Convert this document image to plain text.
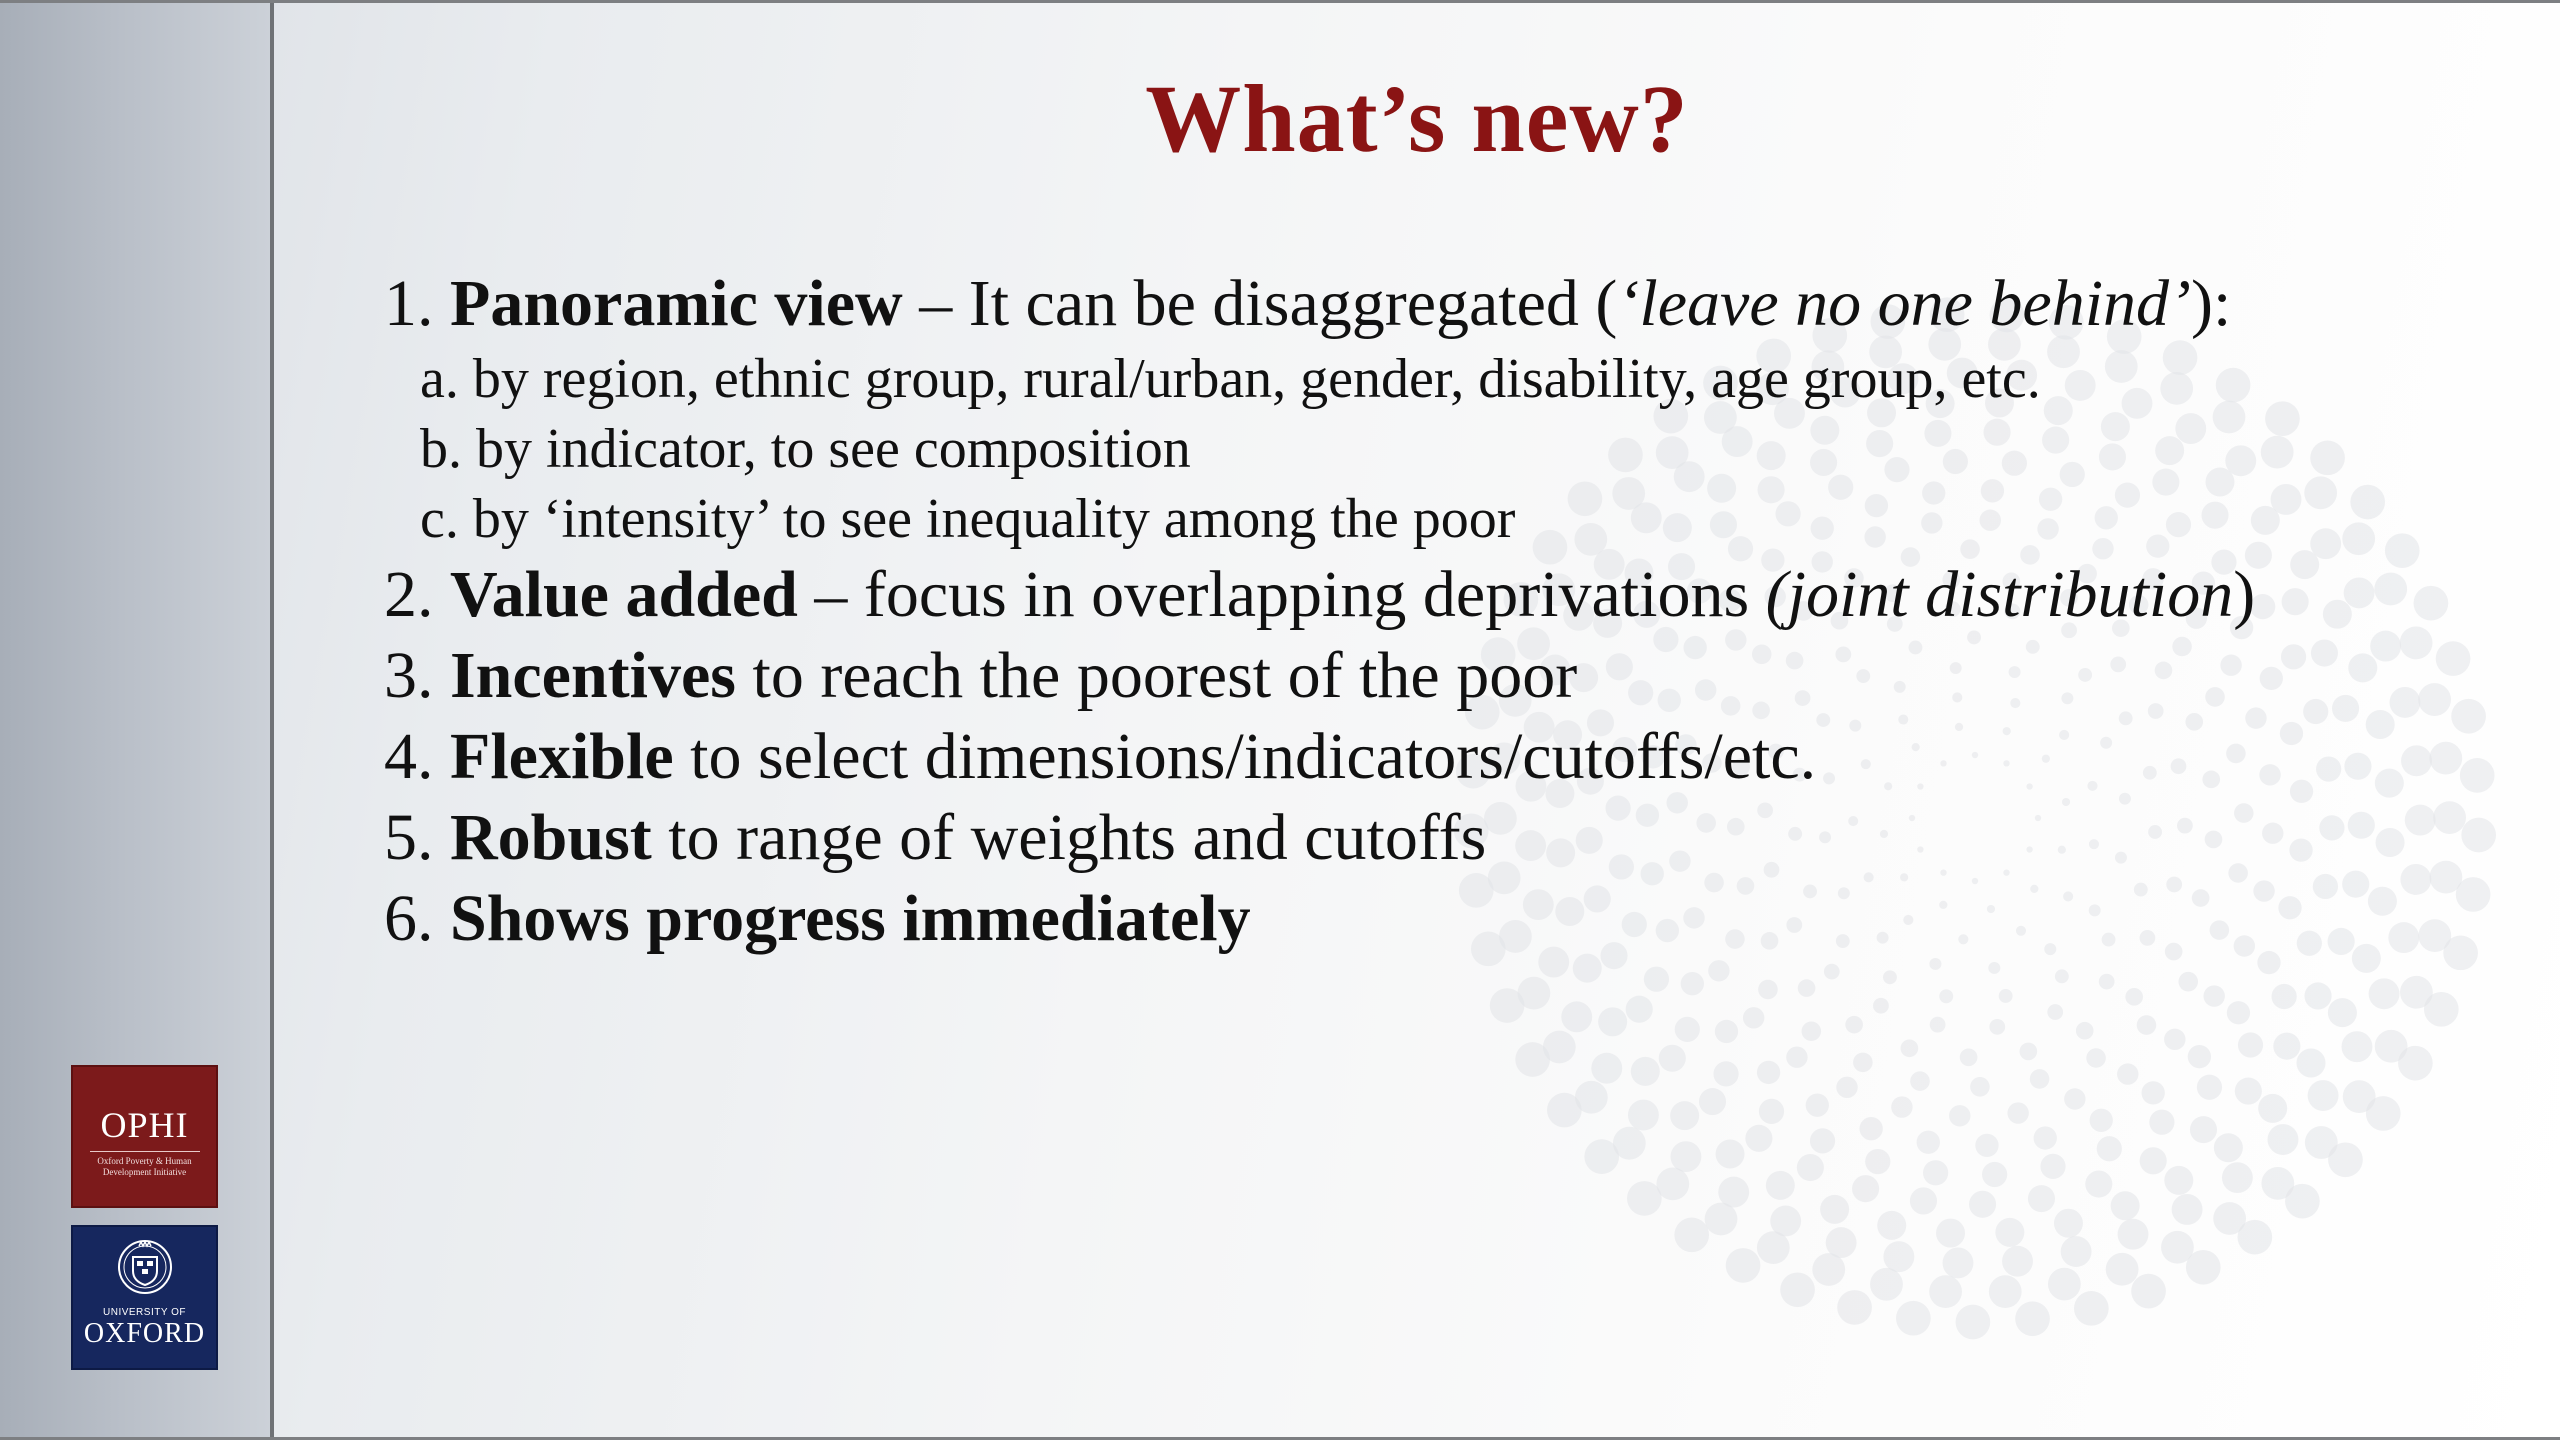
What’s new?

1. Panoramic view – It can be disaggregated (‘leave no one behind’):

a. by region, ethnic group, rural/urban, gender, disability, age group, etc.

b. by indicator, to see composition

c. by ‘intensity’ to see inequality among the poor

2. Value added – focus in overlapping deprivations (joint distribution)

3. Incentives to reach the poorest of the poor

4. Flexible to select dimensions/indicators/cutoffs/etc.

5. Robust to range of weights and cutoffs

6. Shows progress immediately

OPHI
Oxford Poverty & Human
Development Initiative
UNIVERSITY OF
OXFORD
